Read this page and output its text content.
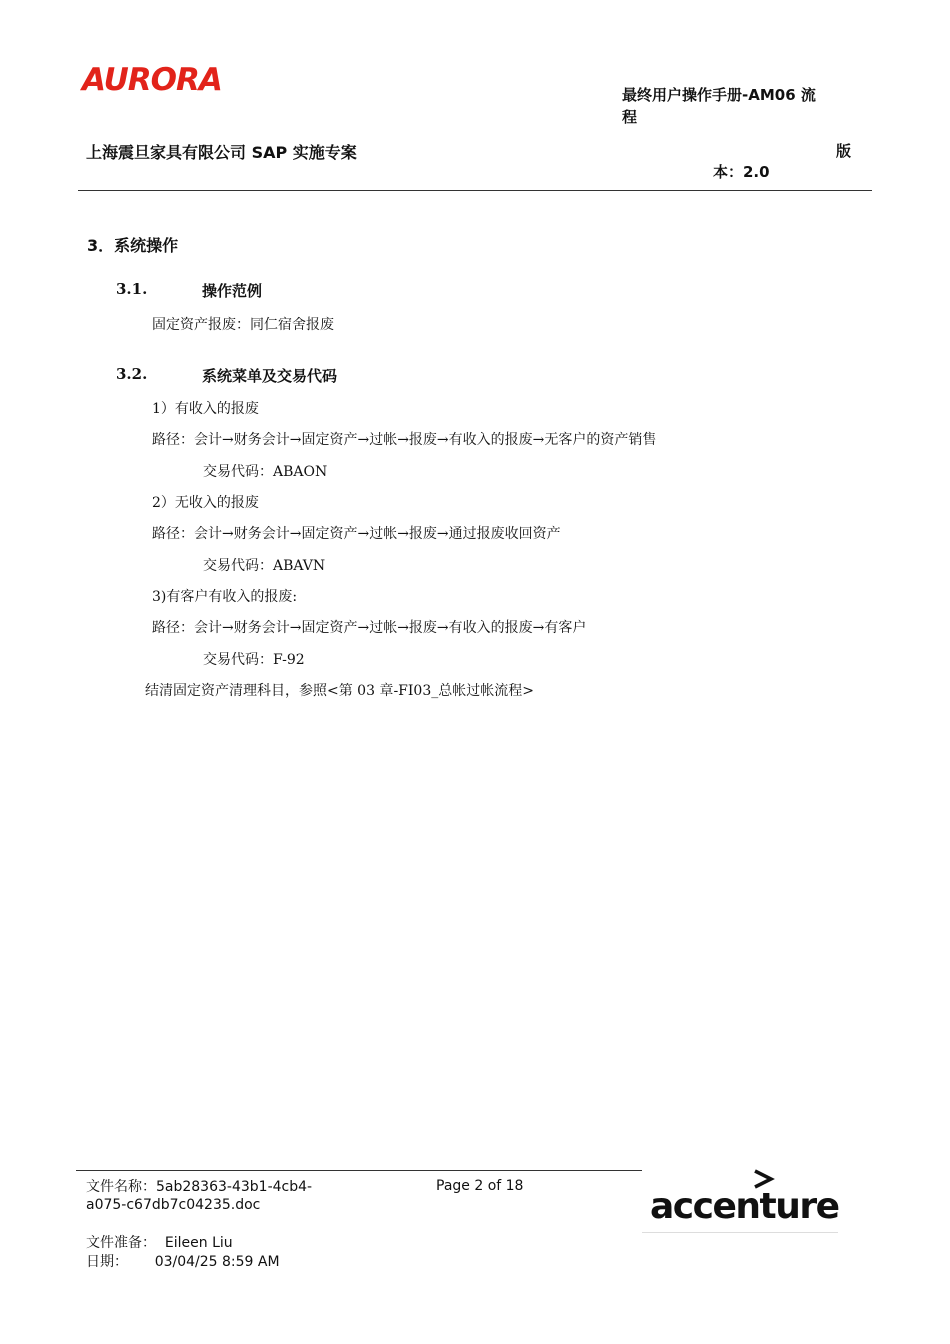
AURORA	最终用户操作手册-AM06 流
程
上海震旦家具有限公司 SAP 实施专案	版
本：2.0
3．系统操作
3.1.	操作范例
固定资产报废：同仁宿舍报废
3.2.	系统菜单及交易代码
1）有收入的报废
路径：会计→财务会计→固定资产→过帐→报废→有收入的报废→无客户的资产销售
交易代码：ABAON
2）无收入的报废
路径：会计→财务会计→固定资产→过帐→报废→通过报废收回资产
交易代码：ABAVN
3)有客户有收入的报废:
路径：会计→财务会计→固定资产→过帐→报废→有收入的报废→有客户
交易代码：F-92
结清固定资产清理科目，参照<第 03 章-FI03_总帐过帐流程>
文件名称：5ab28363-43b1-4cb4-
a075-c67db7c04235.doc
Page 2 of 18
文件准备：  Eileen Liu
日期：      03/04/25 8:59 AM
accenture
